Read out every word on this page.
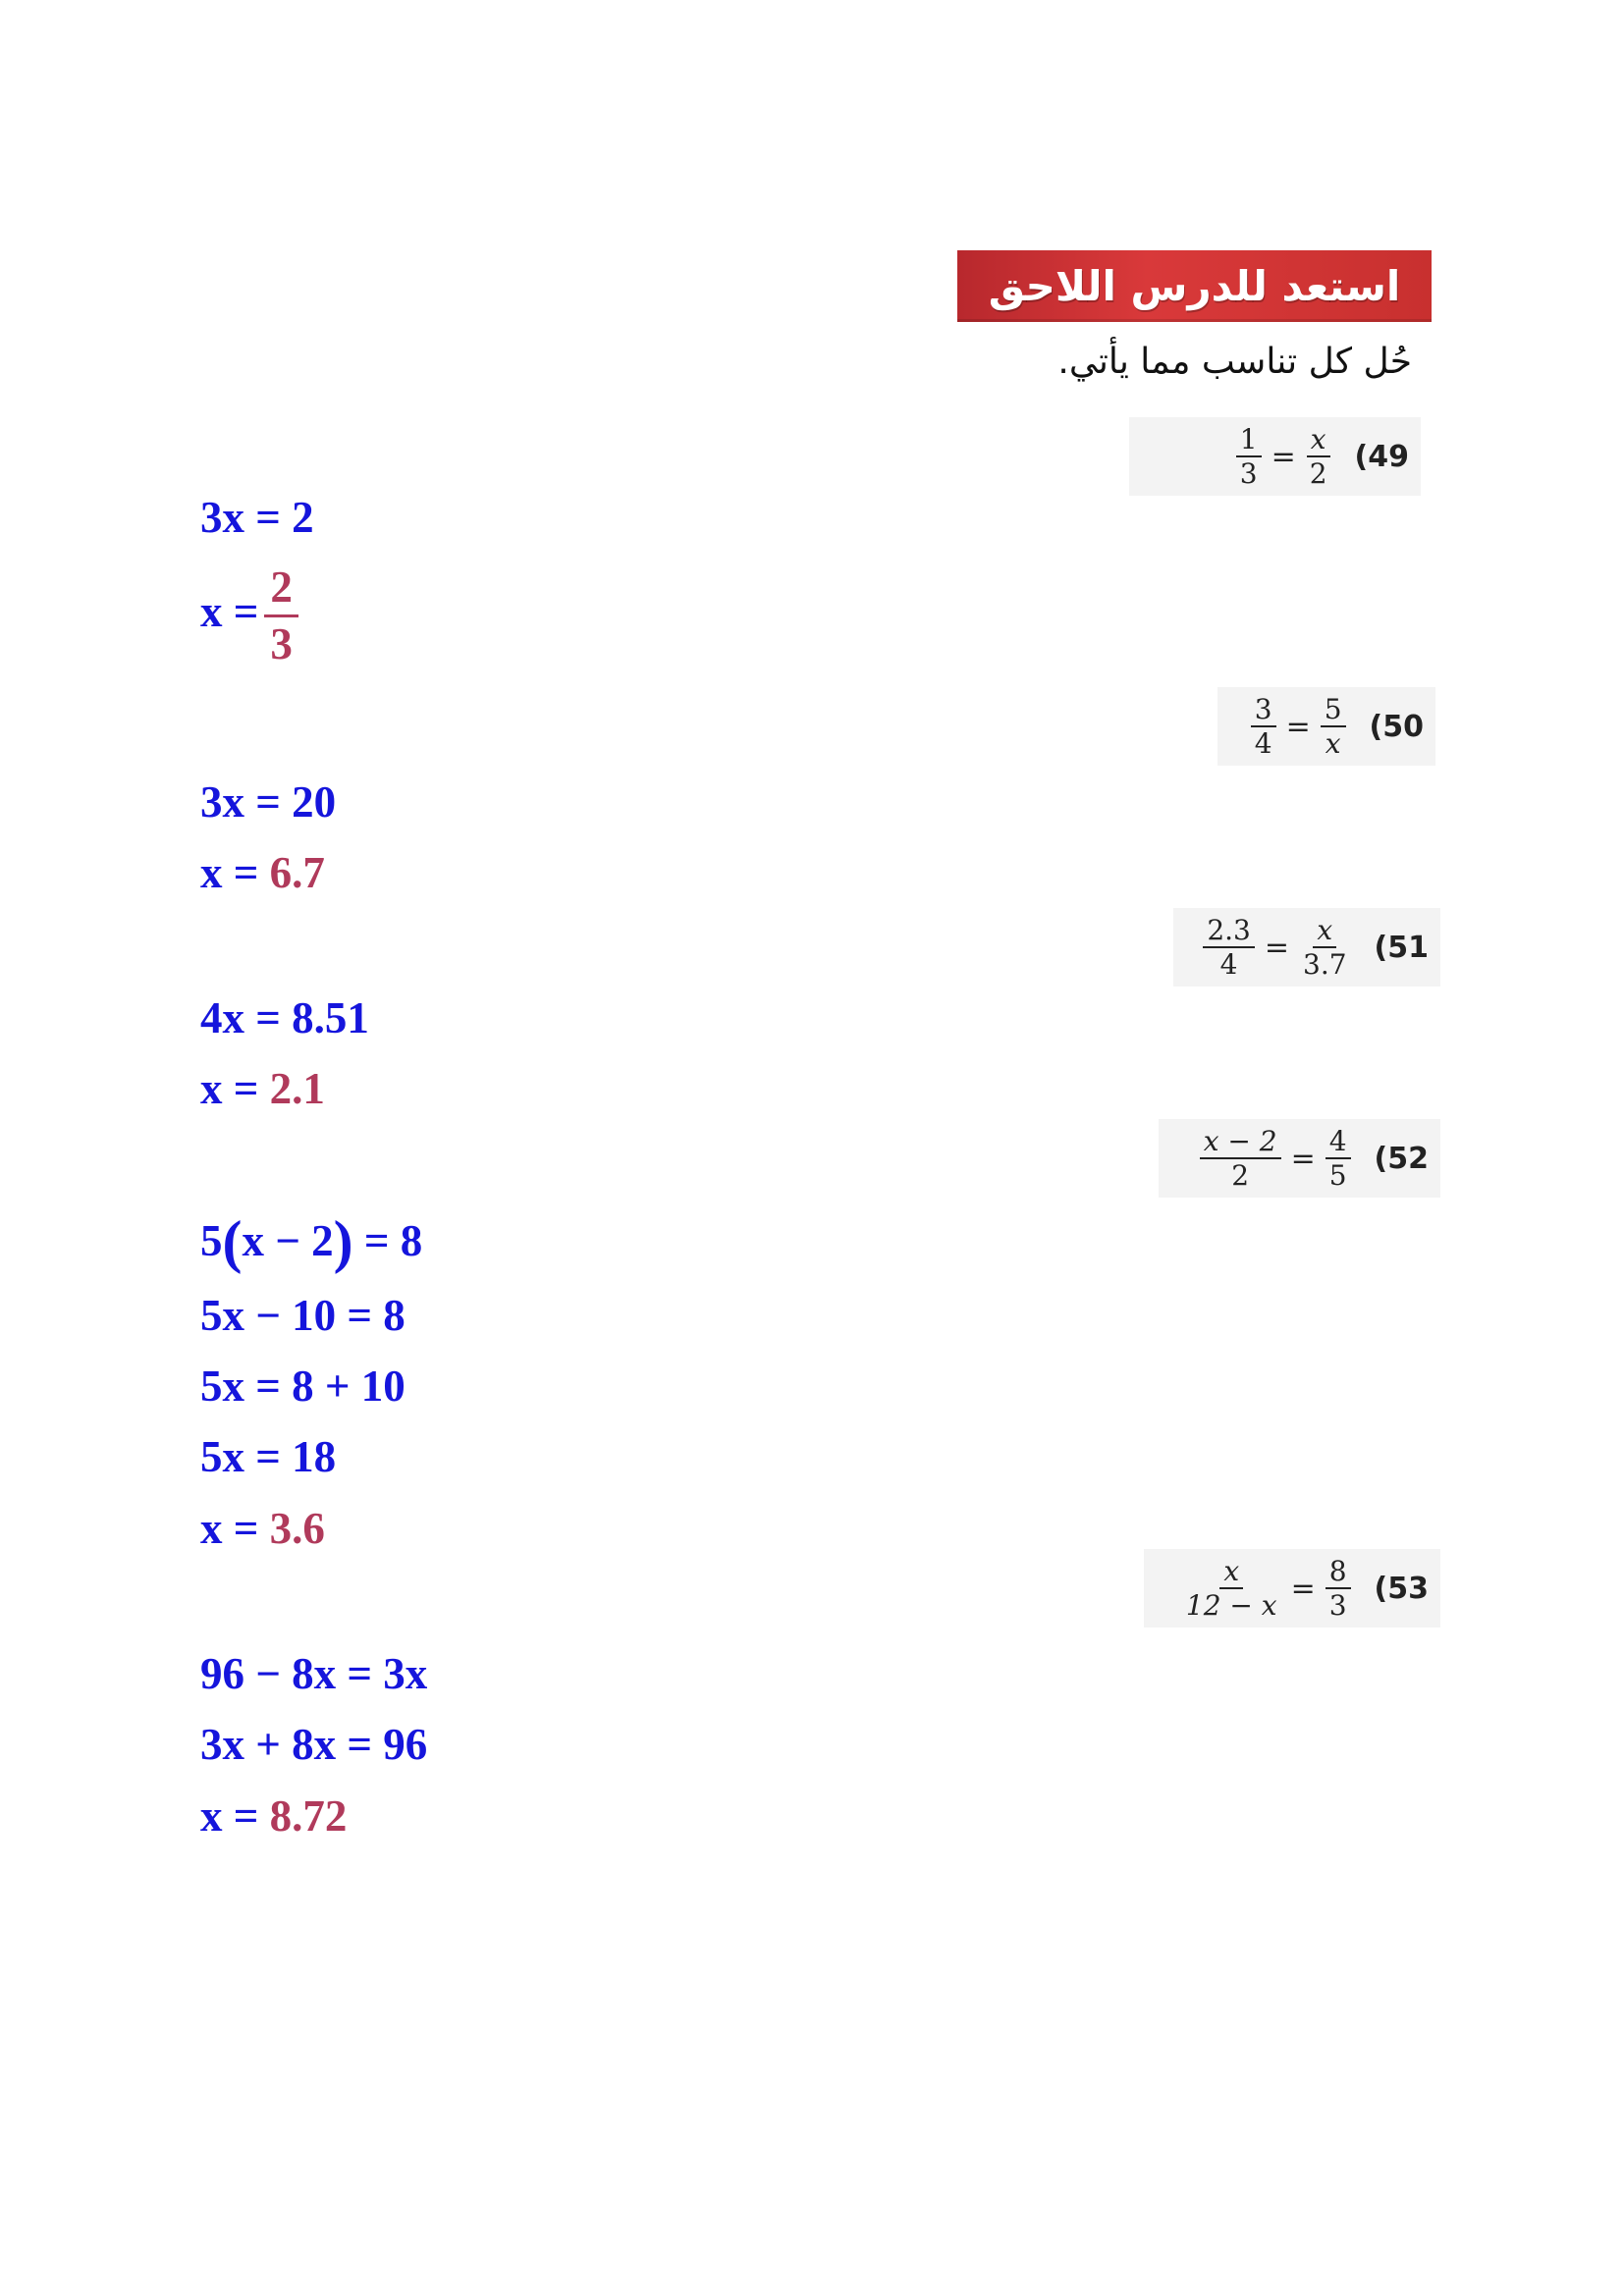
استعد للدرس اللاحق
حُل كل تناسب مما يأتي.
$\frac{1}{3} = \frac{x}{2} (49$
$\frac{3}{4} = \frac{5}{x} (50$
$\frac{2.3}{4} = \frac{x}{3.7} (51$
$\frac{x - 2}{2} = \frac{4}{5} (52$
$\frac{x}{12 - x} = \frac{8}{3} (53$
3x = 2
$x = \frac{2}{3}$
3x = 20
x = 6.7
4x = 8.51
x = 2.1
5(x − 2) = 8
5x − 10 = 8
5x = 8 + 10
5x = 18
x = 3.6
96 − 8x = 3x
3x + 8x = 96
x = 8.72
